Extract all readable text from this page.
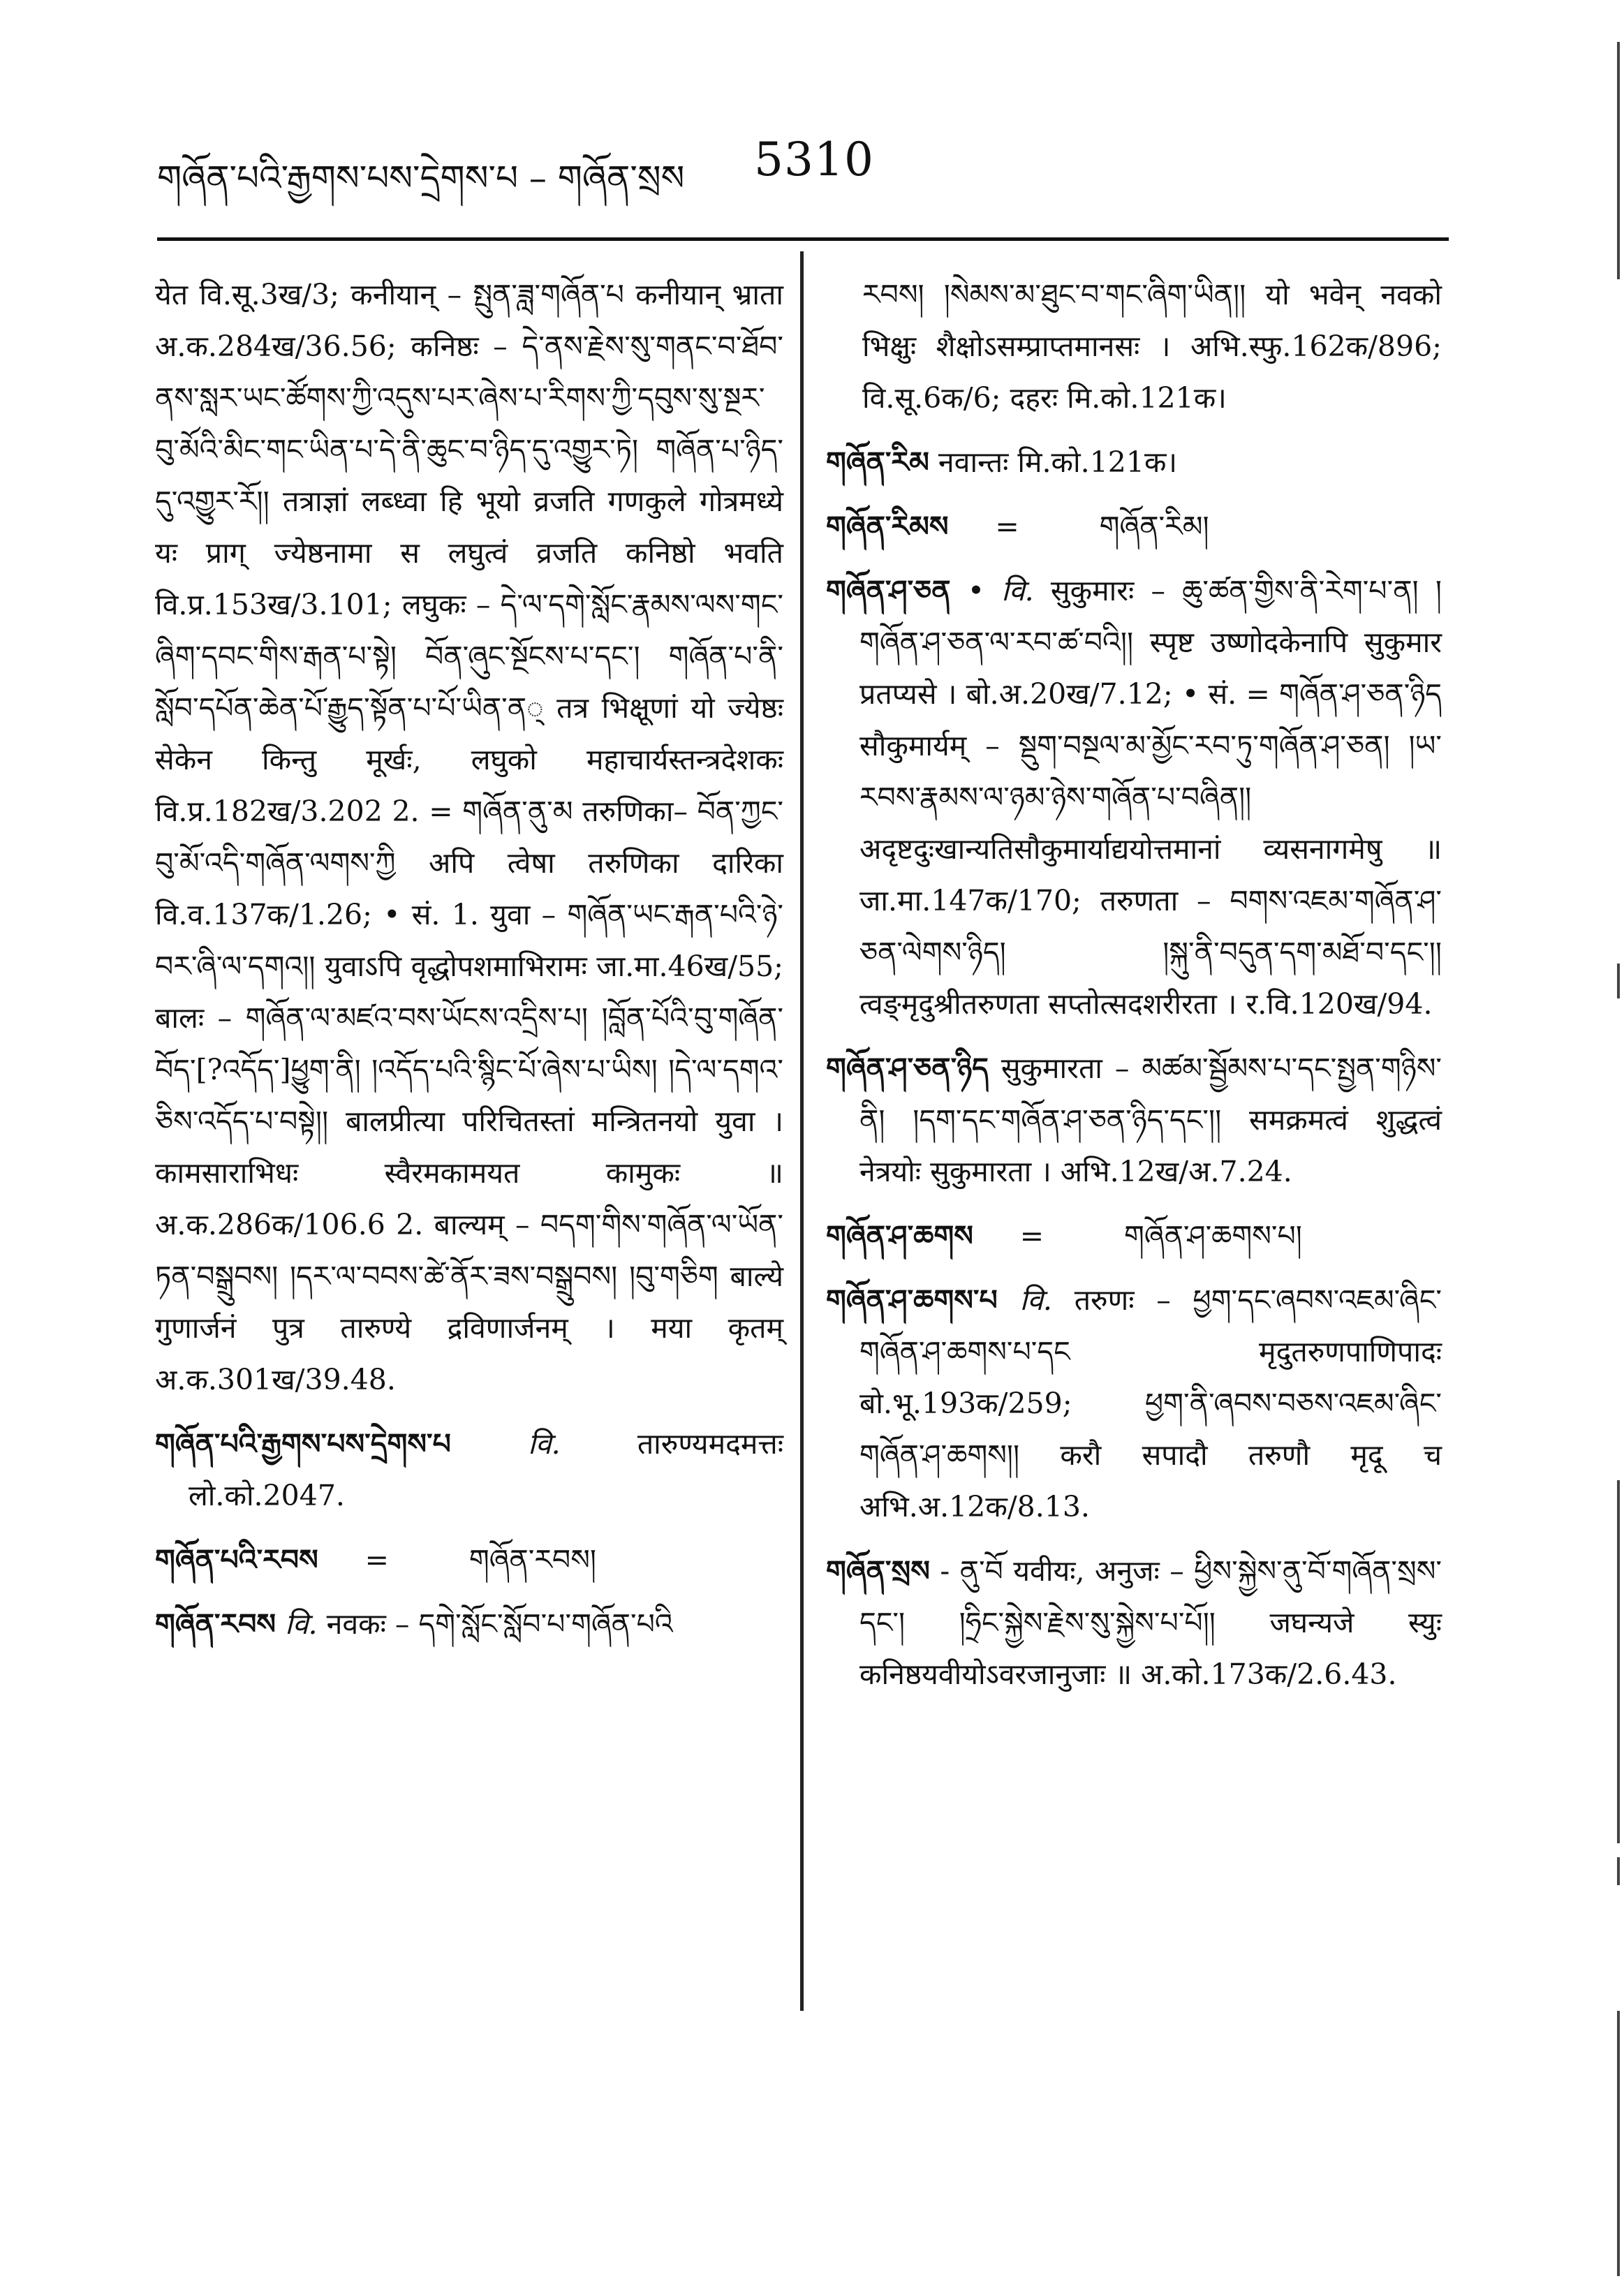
གཞོན་པའི་རྒྱགས་པས་དྲེགས་པ – གཞོན་སྲས 5310

येत वि.सू.3ख/3; कनीयान् – སྤུན་ཟླ་གཞོན་པ कनीयान् भ्राता अ.क.284ख/36.56; कनिष्ठः – དེ་ནས་རྗེས་སུ་གནང་བ་ཐོབ་ནས་སླར་ཡང་ཚོགས་ཀྱི་འདུས་པར་ཞེས་པ་རིགས་ཀྱི་དབུས་སུ་སྔར་བུ་མོའི་མིང་གང་ཡིན་པ་དེ་ནི་ཆུང་བ་ཉིད་དུ་འགྱུར་ཏེ། གཞོན་པ་ཉིད་དུ་འགྱུར་རོ།། तत्राज्ञां लब्ध्वा हि भूयो व्रजति गणकुले गोत्रमध्ये यः प्राग् ज्येष्ठनामा स लघुत्वं व्रजति कनिष्ठो भवति वि.प्र.153ख/3.101; लघुकः – དེ་ལ་དགེ་སློང་རྣམས་ལས་གང་ཞིག་དབང་གིས་རྒན་པ་སྟེ། བོན་ཞུང་སྔོངས་པ་དང་། གཞོན་པ་ནི་སློབ་དཔོན་ཆེན་པོ་རྒྱུད་སྟོན་པ་པོ་ཡིན་ན् तत्र भिक्षूणां यो ज्येष्ठः सेकेन किन्तु मूर्खः, लघुको महाचार्यस्तन्त्रदेशकः वि.प्र.182ख/3.202 2. = གཞོན་ནུ་མ तरुणिका– བོན་ཀྱང་བུ་མོ་འདི་གཞོན་ལགས་ཀྱི अपि त्वेषा तरुणिका दारिका वि.व.137क/1.26; • सं. 1. युवा – གཞོན་ཡང་རྒན་པའི་ཉེ་བར་ཞི་ལ་དགའ།། युवाऽपि वृद्धोपशमाभिरामः जा.मा.46ख/55; बालः – གཞོན་ལ་མཛའ་བས་ཡོངས་འདྲིས་པ། །བློན་པོའི་བུ་གཞོན་བོད་[?འདོད་]ཕྱུག་ནི། །འདོད་པའི་སྙིང་པོ་ཞེས་པ་ཡིས། །དེ་ལ་དགའ་ཅིས་འདོད་པ་བསྟེ།། बालप्रीत्या परिचितस्तां मन्त्रितनयो युवा । कामसाराभिधः स्वैरमकामयत कामुकः ॥ अ.क.286क/106.6 2. बाल्यम् – བདག་གིས་གཞོན་ལ་ཡོན་ཏན་བསྒྲུབས། །དར་ལ་བབས་ཚེ་ནོར་ཟས་བསྒྲུབས། །བུ་གཅིག बाल्ये गुणार्जनं पुत्र तारुण्ये द्रविणार्जनम् । मया कृतम् अ.क.301ख/39.48.

གཞོན་པའི་རྒྱགས་པས་དྲེགས་པ	वि.	तारुण्यमदमत्तः लो.को.2047.

གཞོན་པའི་རབས =	གཞོན་རབས།

གཞོན་རབས वि. नवकः – དགེ་སློང་སློབ་པ་གཞོན་པའི

རབས། །སེམས་མ་ཐུང་བ་གང་ཞིག་ཡིན།། यो भवेन् नवको भिक्षुः शैक्षोऽसम्प्राप्तमानसः । अभि.स्फु.162क/896; वि.सू.6क/6; दहरः मि.को.121क।

གཞོན་རིམ नवान्तः मि.को.121क।

གཞོན་རིམས =	གཞོན་རིམ།

གཞོན་ཤ་ཅན • वि. सुकुमारः – ཆུ་ཚན་གྱིས་ནི་རེག་པ་ན། །གཞོན་ཤ་ཅན་ལ་རབ་ཚ་བའི།། स्पृष्ट उष्णोदकेनापि सुकुमार प्रतप्यसे । बो.अ.20ख/7.12; • सं. = གཞོན་ཤ་ཅན་ཉིད सौकुमार्यम् – སྡུག་བསྔལ་མ་མྱོང་རབ་ཏུ་གཞོན་ཤ་ཅན། །ཡ་རབས་རྣམས་ལ་ཉམ་ཉེས་གཞོན་པ་བཞིན།། अदृष्टदुःखान्यतिसौकुमार्याद्ययोत्तमानां व्यसनागमेषु ॥ जा.मा.147क/170; तरुणता – བགས་འཇམ་གཞོན་ཤ་ཅན་ལེགས་ཉིད། །སྐུ་ནི་བདུན་དག་མཐོ་བ་དང་།། त्वङ्मृदुश्रीतरुणता सप्तोत्सदशरीरता । र.वि.120ख/94.

གཞོན་ཤ་ཅན་ཉིད सुकुमारता – མཚམ་སྦྱོམས་པ་དང་སྤྱན་གཉིས་ནི། །དག་དང་གཞོན་ཤ་ཅན་ཉིད་དང་།། समक्रमत्वं शुद्धत्वं नेत्रयोः सुकुमारता । अभि.12ख/अ.7.24.

གཞོན་ཤ་ཆགས =	གཞོན་ཤ་ཆགས་པ།

གཞོན་ཤ་ཆགས་པ वि. तरुणः – ཕྱག་དང་ཞབས་འཇམ་ཞིང་གཞོན་ཤ་ཆགས་པ་དང मृदुतरुणपाणिपादः बो.भू.193क/259; ཕྱག་ནི་ཞབས་བཅས་འཇམ་ཞིང་གཞོན་ཤ་ཆགས།། करौ सपादौ तरुणौ मृदू च अभि.अ.12क/8.13.

གཞོན་སྲས - ནུ་བོ यवीयः, अनुजः – ཕྱིས་སྐྱེས་ནུ་བོ་གཞོན་སྲས་དང་། །ཧྲིང་སྐྱེས་རྗེས་སུ་སྐྱེས་པ་པོ།། जघन्यजे स्युः कनिष्ठयवीयोऽवरजानुजाः ॥ अ.को.173क/2.6.43.
